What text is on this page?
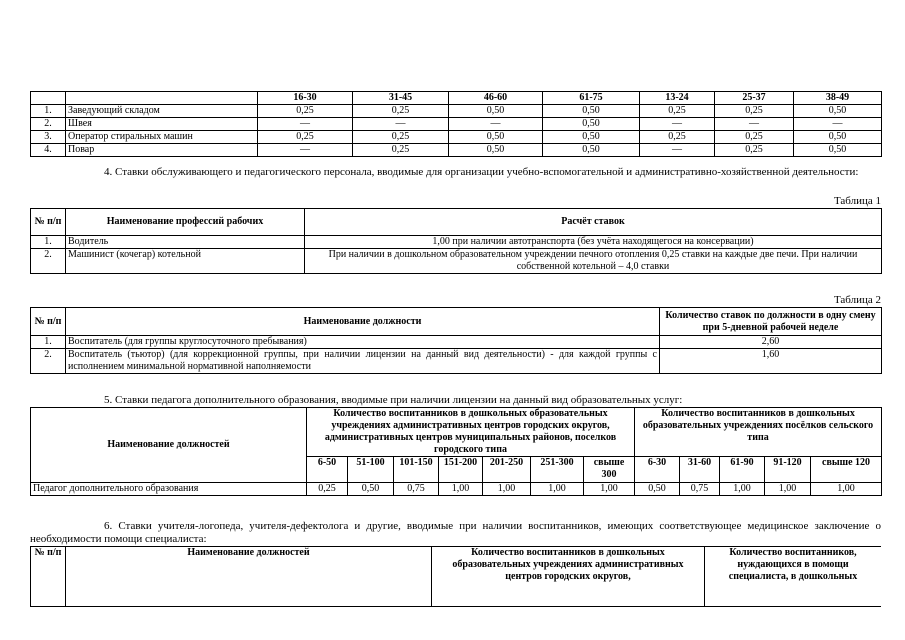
		16-30	31-45	46-60	61-75	13-24	25-37	38-49
1.	Заведующий складом	0,25	0,25	0,50	0,50	0,25	0,25	0,50
2.	Швея	—	—	—	0,50	—	—	—
3.	Оператор стиральных машин	0,25	0,25	0,50	0,50	0,25	0,25	0,50
4.	Повар	—	0,25	0,50	0,50	—	0,25	0,50
4. Ставки обслуживающего и педагогического персонала, вводимые для организации учебно-вспомогательной и административно-хозяйственной деятельности:
Таблица 1
№ п/п	Наименование профессий рабочих	Расчёт ставок
1.	Водитель	1,00 при наличии автотранспорта (без учёта находящегося на консервации)
2.	Машинист (кочегар) котельной	При наличии в дошкольном образовательном учреждении печного отопления 0,25 ставки на каждые две печи. При наличии собственной котельной – 4,0 ставки
Таблица 2
№ п/п	Наименование должности	Количество ставок по должности в одну смену при 5-дневной рабочей неделе
1.	Воспитатель (для группы круглосуточного пребывания)	2,60
2.	Воспитатель (тьютор) (для коррекционной группы, при наличии лицензии на данный вид деятельности) - для каждой группы с исполнением минимальной нормативной наполняемости	1,60
5. Ставки педагога дополнительного образования, вводимые при наличии лицензии на данный вид образовательных услуг:
Наименование должностей	Количество воспитанников в дошкольных образовательных учреждениях административных центров городских округов, административных центров муниципальных районов, поселков городского типа							Количество воспитанников в дошкольных образовательных учреждениях посёлков сельского типа				
	6-50	51-100	101-150	151-200	201-250	251-300	свыше 300	6-30	31-60	61-90	91-120	свыше 120
Педагог дополнительного образования	0,25	0,50	0,75	1,00	1,00	1,00	1,00	0,50	0,75	1,00	1,00	1,00
6. Ставки учителя-логопеда, учителя-дефектолога и другие, вводимые при наличии воспитанников, имеющих соответствующее медицинское заключение о необходимости помощи специалиста:
№ п/п	Наименование должностей	Количество воспитанников в дошкольных образовательных учреждениях административных центров городских округов,	Количество воспитанников, нуждающихся в помощи специалиста, в дошкольных
